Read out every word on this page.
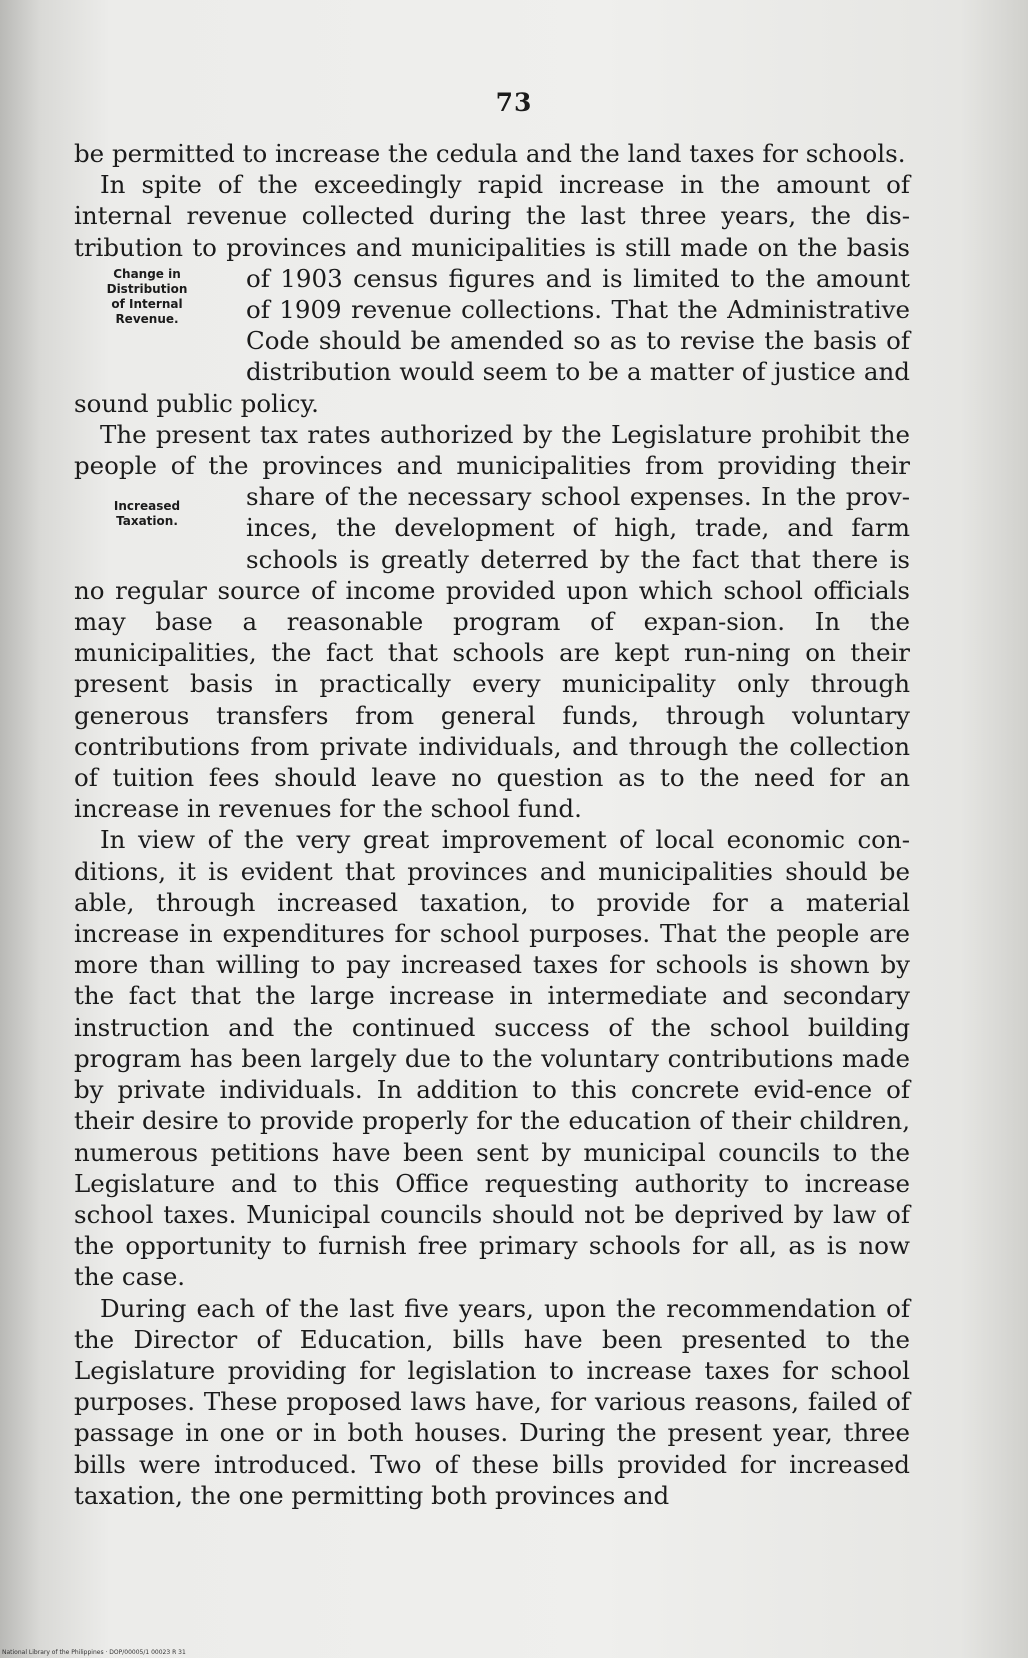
73

be permitted to increase the cedula and the land taxes for schools.

In spite of the exceedingly rapid increase in the amount of internal revenue collected during the last three years, the dis-tribution to provinces and municipalities is still made on the
Change in
Distribution
of Internal
Revenue.
basis of 1903 census figures and is limited to the amount of 1909 revenue collections. That the Administrative Code should be amended so as to revise the basis of distribution would seem to be a matter of justice and sound public policy.

The present tax rates authorized by the Legislature prohibit the people of the provinces and municipalities from providing their share of the necessary school expenses. In the prov-
Increased
Taxation.	inces, the development of high, trade, and farm schools is greatly deterred by the fact that there is no regular source of income provided upon which school officials may base a reasonable program of expan-sion. In the municipalities, the fact that schools are kept run-ning on their present basis in practically every municipality only through generous transfers from general funds, through voluntary contributions from private individuals, and through the collection of tuition fees should leave no question as to the need for an increase in revenues for the school fund.

In view of the very great improvement of local economic con-ditions, it is evident that provinces and municipalities should be able, through increased taxation, to provide for a material increase in expenditures for school purposes. That the people are more than willing to pay increased taxes for schools is shown by the fact that the large increase in intermediate and secondary instruction and the continued success of the school building program has been largely due to the voluntary contributions made by private individuals. In addition to this concrete evid-ence of their desire to provide properly for the education of their children, numerous petitions have been sent by municipal councils to the Legislature and to this Office requesting authority to increase school taxes. Municipal councils should not be deprived by law of the opportunity to furnish free primary schools for all, as is now the case.

During each of the last five years, upon the recommendation of the Director of Education, bills have been presented to the Legislature providing for legislation to increase taxes for school purposes. These proposed laws have, for various reasons, failed of passage in one or in both houses. During the present year, three bills were introduced. Two of these bills provided for increased taxation, the one permitting both provinces and

National Library of the Philippines · DOP/00005/1 00023 R 31
